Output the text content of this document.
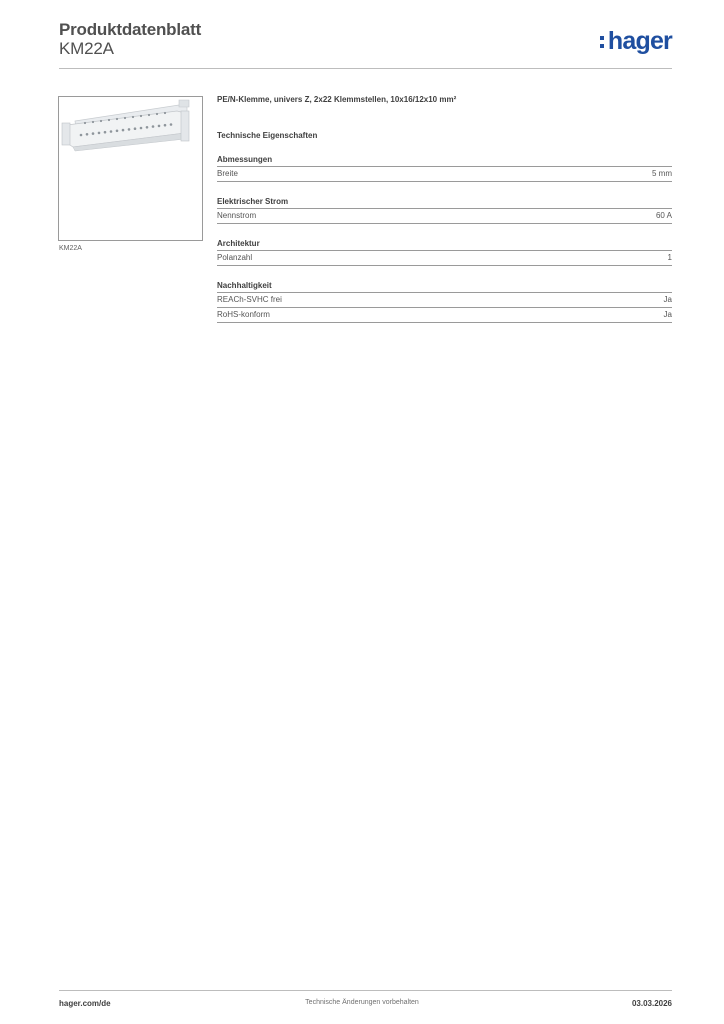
Produktdatenblatt
KM22A	hager
KM22A
PE/N-Klemme, univers Z, 2x22 Klemmstellen, 10x16/12x10 mm²
Technische Eigenschaften
Abmessungen
Breite	5 mm
Elektrischer Strom
Nennstrom	60 A
Architektur
Polanzahl	1
Nachhaltigkeit
REACh-SVHC frei	Ja
RoHS-konform	Ja
hager.com/de	Technische Änderungen vorbehalten	03.03.2026
